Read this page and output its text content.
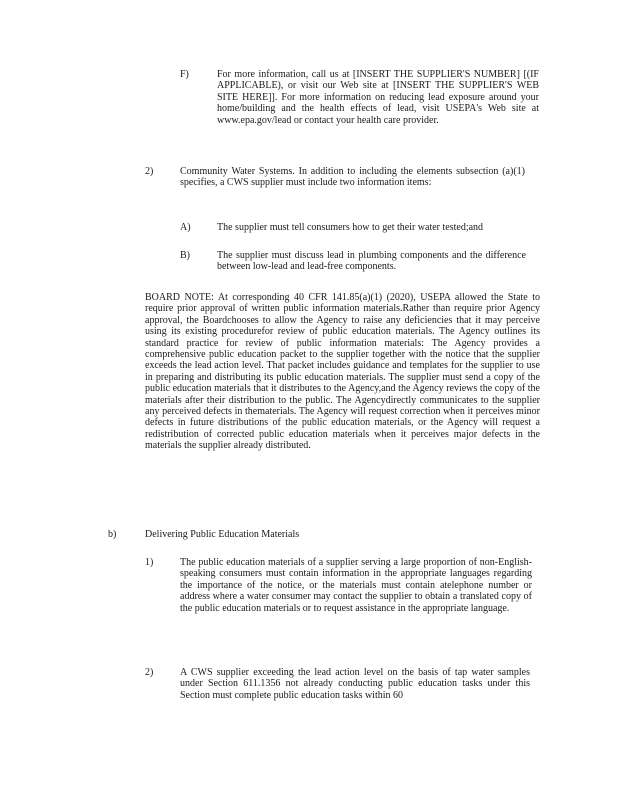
F)	For more information, call us at [INSERT THE SUPPLIER'S NUMBER] [(IF APPLICABLE), or visit our Web site at [INSERT THE SUPPLIER'S WEB SITE HERE]]. For more information on reducing lead exposure around your home/building and the health effects of lead, visit USEPA's Web site at www.epa.gov/lead or contact your health care provider.

2)	Community Water Systems. In addition to including the elements subsection (a)(1) specifies, a CWS supplier must include two information items:

A)	The supplier must tell consumers how to get their water tested;and

B)	The supplier must discuss lead in plumbing components and the difference between low-lead and lead-free components.

BOARD NOTE: At corresponding 40 CFR 141.85(a)(1) (2020), USEPA allowed the State to require prior approval of written public information materials.Rather than require prior Agency approval, the Boardchooses to allow the Agency to raise any deficiencies that it may perceive using its existing procedurefor review of public education materials. The Agency outlines its standard practice for review of public information materials: The Agency provides a comprehensive public education packet to the supplier together with the notice that the supplier exceeds the lead action level. That packet includes guidance and templates for the supplier to use in preparing and distributing its public education materials. The supplier must send a copy of the public education materials that it distributes to the Agency,and the Agency reviews the copy of the materials after their distribution to the public. The Agencydirectly communicates to the supplier any perceived defects in thematerials. The Agency will request correction when it perceives minor defects in future distributions of the public education materials, or the Agency will request a redistribution of corrected public education materials when it perceives major defects in the materials the supplier already distributed.

b)	Delivering Public Education Materials
1)	The public education materials of a supplier serving a large proportion of non-English-speaking consumers must contain information in the appropriate languages regarding the importance of the notice, or the materials must contain atelephone number or address where a water consumer may contact the supplier to obtain a translated copy of the public education materials or to request assistance in the appropriate language.

2)	A CWS supplier exceeding the lead action level on the basis of tap water samples under Section 611.1356 not already conducting public education tasks under this Section must complete public education tasks within 60
